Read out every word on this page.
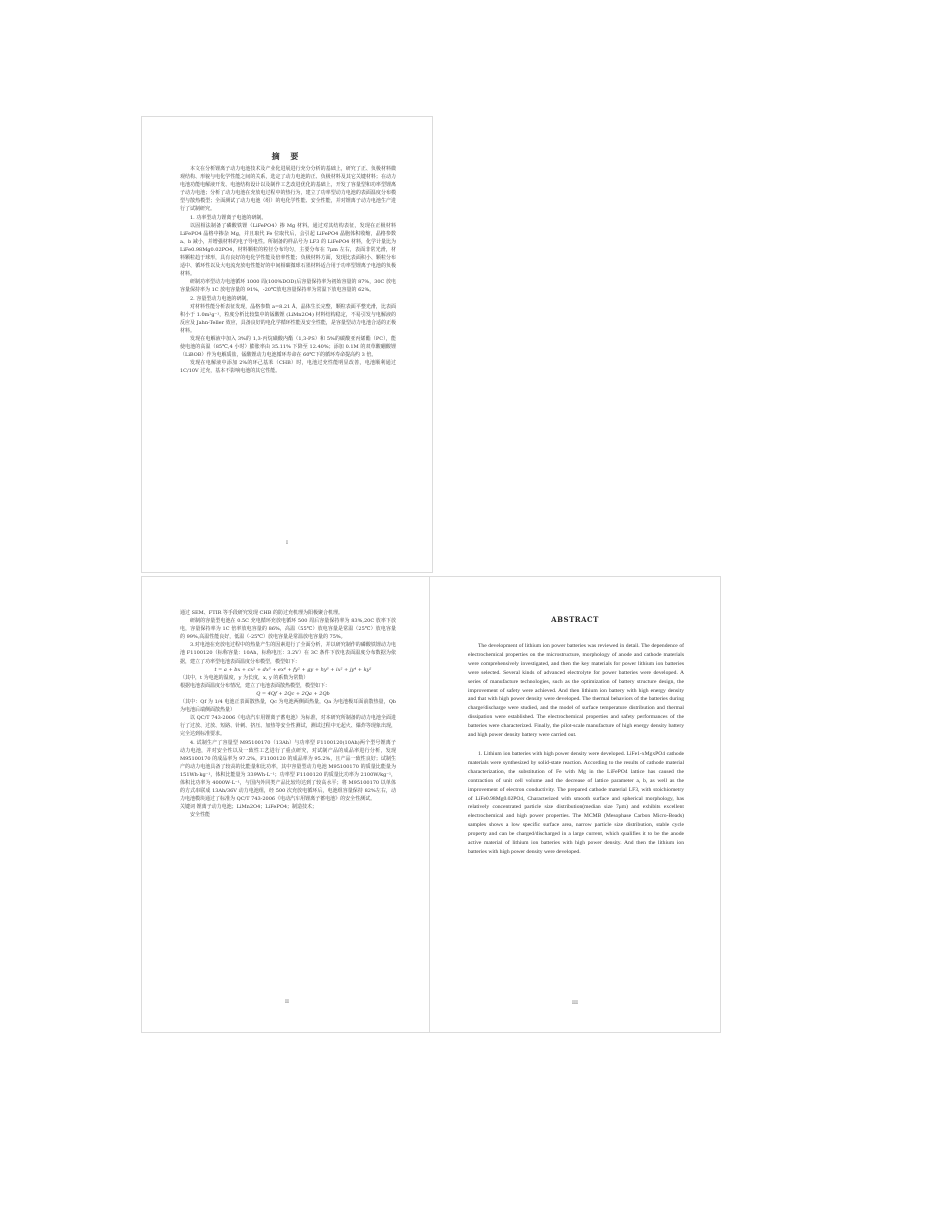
摘 要

本文在分析锂离子动力电池技术及产业化进展进行充分分析的基础上，研究了正、负极材料微观结构、形貌与电化学性能之间的关系，选定了动力电池的正、负极材料及其它关键材料；在动力电池功能电解液开发、电池结构设计以及制作工艺改进优化的基础上，开发了容量型和功率型锂离子动力电池；分析了动力电池在充放电过程中的热行为，建立了功率型动力电池的表面温度分布模型与散热模型；全面测试了动力电池（组）的电化学性能、安全性能，并对锂离子动力电池生产进行了试制研究。

1. 功率型动力锂离子电池的研制。

以固相法制备了磷酸铁锂（LiFePO4）掺 Mg 材料。通过对其结构表征，发现在正极材料 LiFePO4 晶格中掺杂 Mg，并且取代 Fe 位取代后，会引起 LiFePO4 晶胞体积收缩，晶格参数 a、b 减小，并增强材料的电子导电性。所制备的样品号为 LF3 的 LiFePO4 材料，化学计量比为 LiFe0.98Mg0.02PO4，材料颗粒的粒径分布均匀，主要分布在 7μm 左右，表面非常光滑，材料颗粒趋于球形，具有良好的电化学性能及倍率性能；负极材料方面，发现比表面积小、颗粒分布适中、循环性以及大电流充放电性能好的中间相碳微球石墨材料适合用于功率型锂离子电池的负极材料。

研制功率型动力电池循环 1000 周(100%DOD)后容量保持率为初始容量的 87%，30C 放电容量保持率为 1C 放电容量的 91%，-20℃放电容量保持率为常温下放电容量的 62%。

2. 容量型动力电池的研制。

对材料性能分析表征发现，晶格参数 a=8.21 Å，晶体生长完整，颗粒表面平整光滑，比表面积小于 1.0m²g⁻¹，粒度分析比较集中的锰酸锂 (LiMn2O4) 材料结构稳定，不易引发与电解液的反应及 Jahn-Teller 效应，具备良好的电化学循环性能及安全性能，是容量型动力电池合适的正极材料。

发现在电解液中加入 3%的 1,3-丙烷磺酸内酯（1,3-PS）和 5%的碳酸亚丙烯酯（PC），能使电池的高温（85℃,4 小时）膨胀率由 35.11% 下降至 12.40%；添加 0.1M 的双草酸硼酸锂（LiBOB）作为电解质盐，锰酸锂动力电池循环寿命在 60℃下的循环寿命提高约 3 倍。

发现在电解液中添加 2%的环己基苯（CHB）时，电池过充性能明显改善，电池顺利通过 1C/10V 过充，基本不影响电池的其它性能。

I

通过 SEM、FTIR 等手段研究发现 CHB 的防过充机理为阳极聚合机理。

研制的容量型电池在 0.5C 充电循环充放电循环 500 周后容量保持率为 83%,20C 放率下放电，容量保持率为 1C 倍率放电容量的 86%，高温（55℃）放电容量是常温（25℃）放电容量的 99%,高温性能良好，低温（-25℃）放电容量是常温放电容量的 75%。

3.对电池在充放电过程中的热量产生的因素进行了全面分析，并以研究制作的磷酸铁锂动力电池 F1100120（标称容量：10Ah，标称电压：3.2V）在 3C 条件下放电表面温度分布数据为依据，建立了功率型电池表面温度分布模型，模型如下：

t = a + bx + cx² + dx³ + ex⁴ + fy² + gy + hy³ + ix² + jy⁴ + ky²

（其中，t 为电池的温度，y 为长度，x, y 的系数为常数）

根据电池表面温度分布情况，建立了电池表面散热模型，模型如下：

Q = 4Qf + 2Qc + 2Qa + 2Qb

（其中：Qf 为 1/4 电池正表面散热量，Qc 为电池两侧面热量，Qa 为电池极耳面前散热量，Qb 为电池后端侧面散热量）

以 QC/T 743-2006《电动汽车用锂离子蓄电池》为标准，对本研究所制备的动力电池全面进行了过放、过放、短路、针刺、挤压、加热等安全性测试，测试过程中无起火、爆炸等现象出现，完全达到标准要求。

4. 试制生产了容量型 M95100170（13Ah）与功率型 F1100120(10Ah)两个型号锂离子动力电池，并对安全性以及一致性工艺进行了重点研究，对试制产品的成品率进行分析，发现 M95100170 的成品率为 97.2%，F1100120 的成品率为 95.2%，且产品一致性良好；试制生产的动力电池具备了较高的比能量和比功率，其中容量型动力电池 M95100170 的质量比能量为 151Wh·kg⁻¹，体积比能量为 339Wh·L⁻¹；功率型 F1100120 的质量比功率为 2100W/kg⁻¹，体积比功率为 4000W·L⁻¹，与国内外同类产品比较均达到了较高水平；将 M95100170 以单体的方式串联成 13Ah/36V 动力电池组，经 500 次充放电循环后，电池组容量保持 82%左右，动力电池模块通过了标准为 QC/T 743-2006《电动汽车用锂离子蓄电池》的安全性测试。

关键词 锂离子动力电池；LiMn2O4；LiFePO4；制造技术；

安全性能

II
ABSTRACT

The development of lithium ion power batteries was reviewed in detail. The dependence of electrochemical properties on the microstructure, morphology of anode and cathode materials were comprehensively investigated, and then the key materials for power lithium ion batteries were selected. Several kinds of advanced electrolyte for power batteries were developed. A series of manufacture technologies, such as the optimization of battery structure design, the improvement of safety were achieved. And then lithium ion battery with high energy density and that with high power density were developed. The thermal behaviors of the batteries during charge/discharge were studied, and the model of surface temperature distribution and thermal dissipation were established. The electrochemical properties and safety performances of the batteries were characterized. Finally, the pilot-scale manufacture of high energy density battery and high power density battery were carried out.

1. Lithium ion batteries with high power density were developed. LiFe1-xMgxPO4 cathode materials were synthesized by solid-state reaction. According to the results of cathode material characterization, the substitution of Fe with Mg in the LiFePO4 lattice has caused the contraction of unit cell volume and the decrease of lattice parameter a, b, as well as the improvement of electron conductivity. The prepared cathode material LF3, with stoichiometry of LiFe0.98Mg0.02PO4, Characterized with smooth surface and spherical morphology, has relatively concentrated particle size distribution(median size 7μm) and exhibits excellent electrochemical and high power properties. The MCMB (Mesophase Carbon Micro-Beads) samples shows a low specific surface area, narrow particle size distribution, stable cycle property and can be charged/discharged in a large current, which qualifies it to be the anode active material of lithium ion batteries with high power density. And then the lithium ion batteries with high power density were developed.

III
